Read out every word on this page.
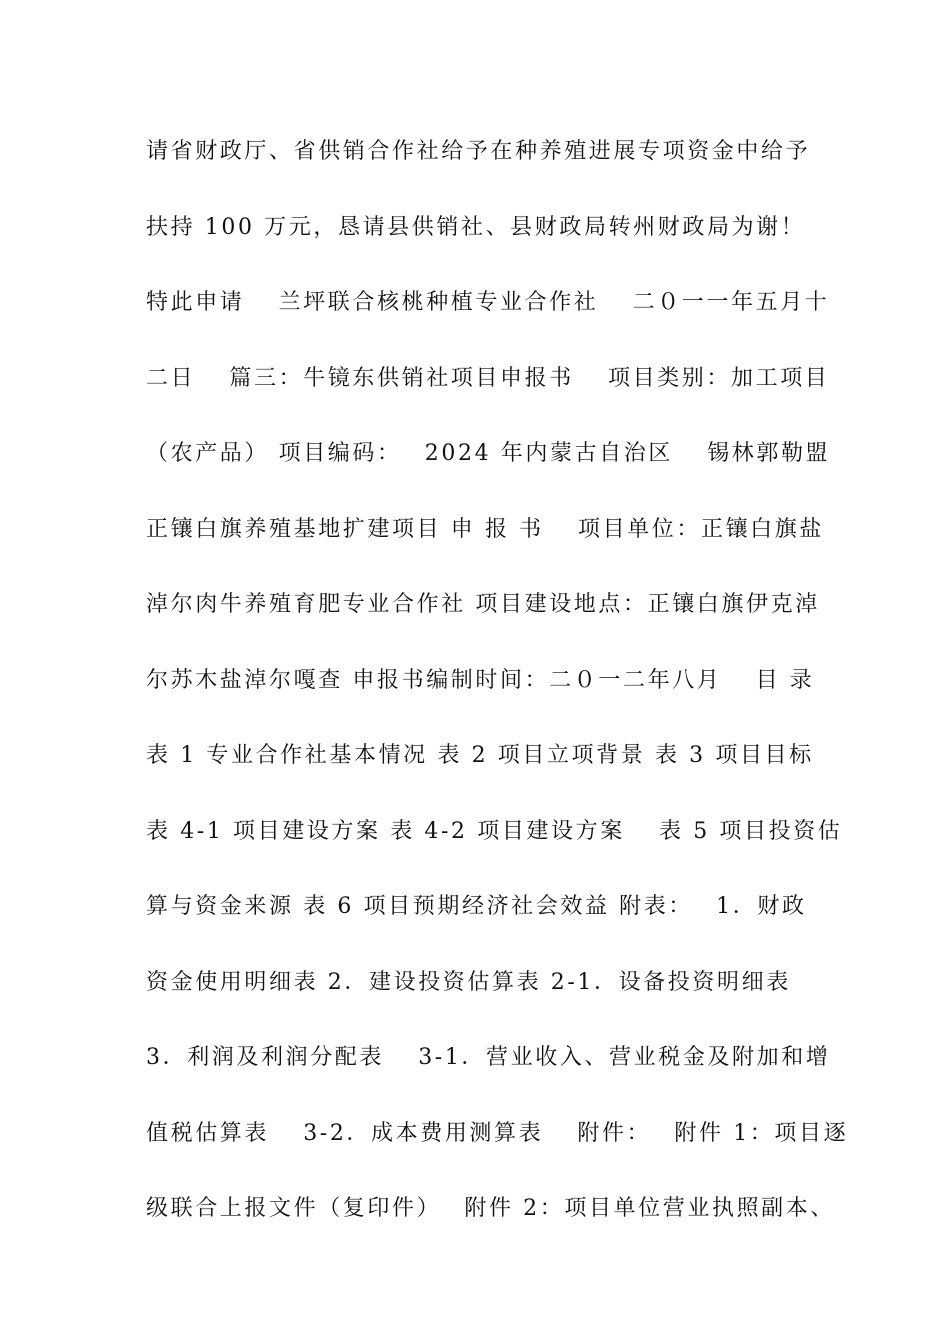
请省财政厅、省供销合作社给予在种养殖进展专项资金中给予
扶持 100 万元，恳请县供销社、县财政局转州财政局为谢！
特此申请　 兰坪联合核桃种植专业合作社　 二０一一年五月十
二日　 篇三：牛镜东供销社项目申报书　 项目类别：加工项目
（农产品） 项目编码：　 2024 年内蒙古自治区　 锡林郭勒盟
正镶白旗养殖基地扩建项目 申 报 书　 项目单位：正镶白旗盐
淖尔肉牛养殖育肥专业合作社 项目建设地点：正镶白旗伊克淖
尔苏木盐淖尔嘎查 申报书编制时间：二０一二年八月　 目 录
表 1 专业合作社基本情况 表 2 项目立项背景 表 3 项目目标
表 4-1 项目建设方案 表 4-2 项目建设方案　 表 5 项目投资估
算与资金来源 表 6 项目预期经济社会效益 附表：　 1．财政
资金使用明细表 2．建设投资估算表 2-1．设备投资明细表
3．利润及利润分配表　 3-1．营业收入、营业税金及附加和增
值税估算表　 3-2．成本费用测算表　 附件：　 附件 1：项目逐
级联合上报文件（复印件）　 附件 2：项目单位营业执照副本、
